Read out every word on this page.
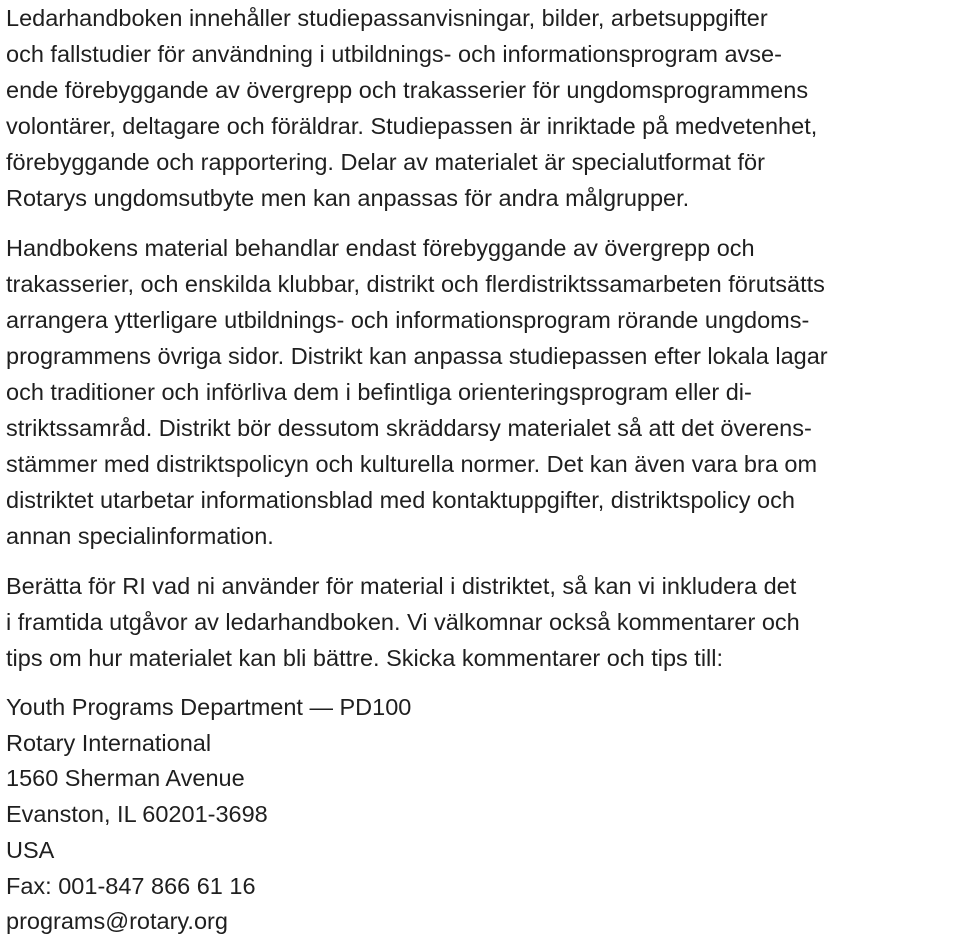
Ledarhandboken innehåller studiepassanvisningar, bilder, arbetsuppgifter
och fallstudier för användning i utbildnings- och informationsprogram avse-
ende förebyggande av övergrepp och trakasserier för ungdomsprogrammens
volontärer, deltagare och föräldrar. Studiepassen är inriktade på medvetenhet,
förebyggande och rapportering. Delar av materialet är specialutformat för
Rotarys ungdomsutbyte men kan anpassas för andra målgrupper.

Handbokens material behandlar endast förebyggande av övergrepp och
trakasserier, och enskilda klubbar, distrikt och flerdistriktssamarbeten förutsätts
arrangera ytterligare utbildnings- och informationsprogram rörande ungdoms-
programmens övriga sidor. Distrikt kan anpassa studiepassen efter lokala lagar
och traditioner och införliva dem i befintliga orienteringsprogram eller di-
striktssamråd. Distrikt bör dessutom skräddarsy materialet så att det överens-
stämmer med distriktspolicyn och kulturella normer. Det kan även vara bra om
distriktet utarbetar informationsblad med kontaktuppgifter, distriktspolicy och
annan specialinformation.

Berätta för RI vad ni använder för material i distriktet, så kan vi inkludera det
i framtida utgåvor av ledarhandboken. Vi välkomnar också kommentarer och
tips om hur materialet kan bli bättre. Skicka kommentarer och tips till:

Youth Programs Department — PD100
Rotary International
1560 Sherman Avenue
Evanston, IL 60201-3698
USA
Fax: 001-847 866 61 16
programs@rotary.org
